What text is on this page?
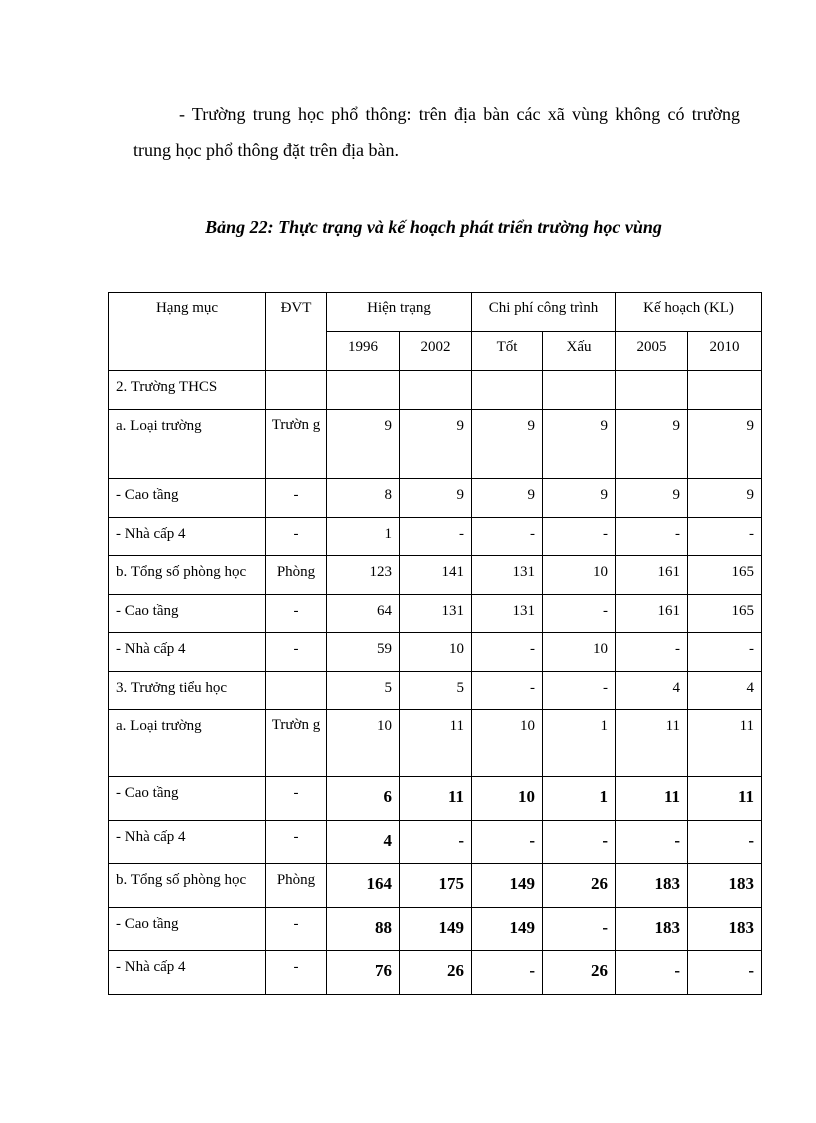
- Trường trung học phổ thông: trên địa bàn các xã vùng không có trường trung học phổ thông đặt trên địa bàn.

Bảng 22: Thực trạng và kế hoạch phát triển trường học vùng
Hạng mục	ĐVT	Hiện trạng		Chi phí công trình		Kế hoạch (KL)	
		1996	2002	Tốt	Xấu	2005	2010
2. Trường THCS							
a. Loại trường	Trườn g	9	9	9	9	9	9
- Cao tầng	-	8	9	9	9	9	9
- Nhà cấp 4	-	1	-	-	-	-	-
b. Tổng số phòng học	Phòng	123	141	131	10	161	165
- Cao tầng	-	64	131	131	-	161	165
- Nhà cấp 4	-	59	10	-	10	-	-
3. Trưởng tiểu học		5	5	-	-	4	4
a. Loại trường	Trườn g	10	11	10	1	11	11
- Cao tầng	-	6	11	10	1	11	11
- Nhà cấp 4	-	4	-	-	-	-	-
b. Tổng số phòng học	Phòng	164	175	149	26	183	183
- Cao tầng	-	88	149	149	-	183	183
- Nhà cấp 4	-	76	26	-	26	-	-
